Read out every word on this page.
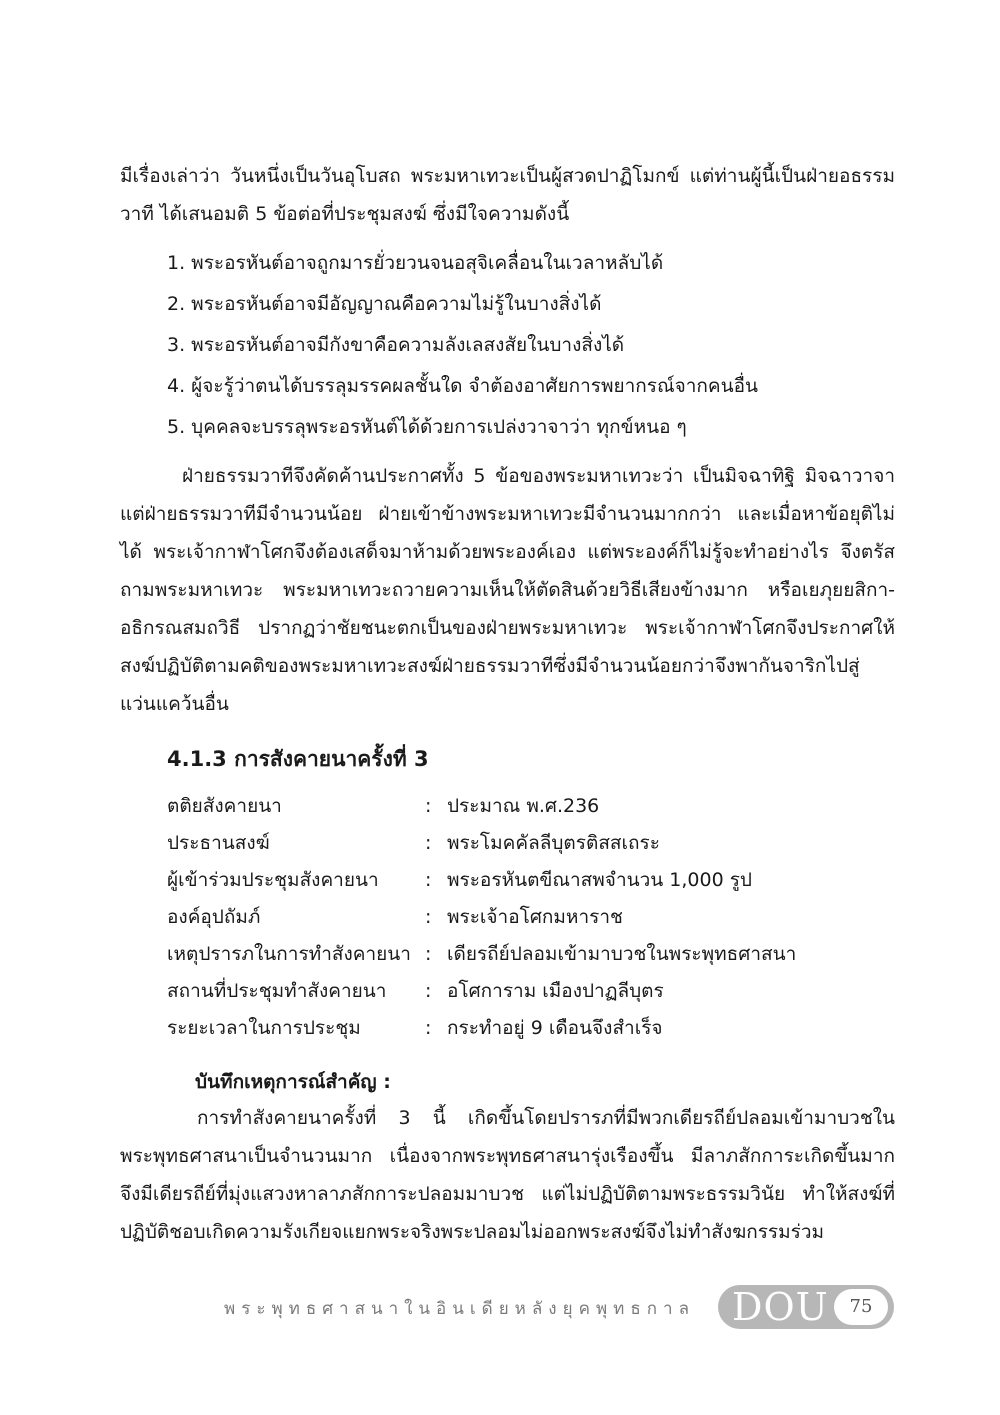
มีเรื่องเล่าว่า วันหนึ่งเป็นวันอุโบสถ พระมหาเทวะเป็นผู้สวดปาฏิโมกข์ แต่ท่านผู้นี้เป็นฝ่ายอธรรมวาที ได้เสนอมติ 5 ข้อต่อที่ประชุมสงฆ์ ซึ่งมีใจความดังนี้

1. พระอรหันต์อาจถูกมารยั่วยวนจนอสุจิเคลื่อนในเวลาหลับได้
2. พระอรหันต์อาจมีอัญญาณคือความไม่รู้ในบางสิ่งได้
3. พระอรหันต์อาจมีกังขาคือความลังเลสงสัยในบางสิ่งได้
4. ผู้จะรู้ว่าตนได้บรรลุมรรคผลชั้นใด จำต้องอาศัยการพยากรณ์จากคนอื่น
5. บุคคลจะบรรลุพระอรหันต์ได้ด้วยการเปล่งวาจาว่า ทุกข์หนอ ๆ

ฝ่ายธรรมวาทีจึงคัดค้านประกาศทั้ง 5 ข้อของพระมหาเทวะว่า เป็นมิจฉาทิฐิ มิจฉาวาจา แต่ฝ่ายธรรมวาทีมีจำนวนน้อย ฝ่ายเข้าข้างพระมหาเทวะมีจำนวนมากกว่า และเมื่อหาข้อยุติไม่ได้ พระเจ้ากาฬาโศกจึงต้องเสด็จมาห้ามด้วยพระองค์เอง แต่พระองค์ก็ไม่รู้จะทำอย่างไร จึงตรัสถามพระมหาเทวะ พระมหาเทวะถวายความเห็นให้ตัดสินด้วยวิธีเสียงข้างมาก หรือเยภุยยสิกา-อธิกรณสมถวิธี ปรากฏว่าชัยชนะตกเป็นของฝ่ายพระมหาเทวะ พระเจ้ากาฬาโศกจึงประกาศให้สงฆ์ปฏิบัติตามคติของพระมหาเทวะสงฆ์ฝ่ายธรรมวาทีซึ่งมีจำนวนน้อยกว่าจึงพากันจาริกไปสู่แว่นแคว้นอื่น

4.1.3 การสังคายนาครั้งที่ 3
ตติยสังคายนา	:	ประมาณ พ.ศ.236
ประธานสงฆ์	:	พระโมคคัลลีบุตรติสสเถระ
ผู้เข้าร่วมประชุมสังคายนา	:	พระอรหันตขีณาสพจำนวน 1,000 รูป
องค์อุปถัมภ์	:	พระเจ้าอโศกมหาราช
เหตุปรารภในการทำสังคายนา	:	เดียรถีย์ปลอมเข้ามาบวชในพระพุทธศาสนา
สถานที่ประชุมทำสังคายนา	:	อโศการาม เมืองปาฏลีบุตร
ระยะเวลาในการประชุม	:	กระทำอยู่ 9 เดือนจึงสำเร็จ
บันทึกเหตุการณ์สำคัญ :

การทำสังคายนาครั้งที่ 3 นี้ เกิดขึ้นโดยปรารภที่มีพวกเดียรถีย์ปลอมเข้ามาบวชในพระพุทธศาสนาเป็นจำนวนมาก เนื่องจากพระพุทธศาสนารุ่งเรืองขึ้น มีลาภสักการะเกิดขึ้นมาก จึงมีเดียรถีย์ที่มุ่งแสวงหาลาภสักการะปลอมมาบวช แต่ไม่ปฏิบัติตามพระธรรมวินัย ทำให้สงฆ์ที่ปฏิบัติชอบเกิดความรังเกียจแยกพระจริงพระปลอมไม่ออกพระสงฆ์จึงไม่ทำสังฆกรรมร่วม

พระพุทธศาสนาในอินเดียหลังยุคพุทธกาล DOU	75
